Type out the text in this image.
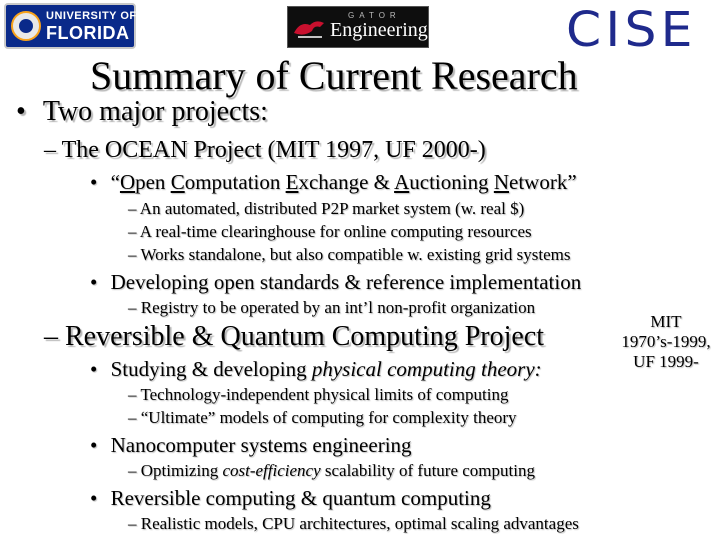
UNIVERSITY OF
FLORIDA
GATOR
Engineering	CISE
Summary of Current Research
• Two major projects:
– The OCEAN Project (MIT 1997, UF 2000-)
• “Open Computation Exchange & Auctioning Network”
– An automated, distributed P2P market system (w. real $)
– A real-time clearinghouse for online computing resources
– Works standalone, but also compatible w. existing grid systems
• Developing open standards & reference implementation
– Registry to be operated by an int’l non-profit organization
– Reversible & Quantum Computing Project	MIT
1970’s-1999,
UF 1999-
• Studying & developing physical computing theory:
– Technology-independent physical limits of computing
– “Ultimate” models of computing for complexity theory
• Nanocomputer systems engineering
– Optimizing cost-efficiency scalability of future computing
• Reversible computing & quantum computing
– Realistic models, CPU architectures, optimal scaling advantages
